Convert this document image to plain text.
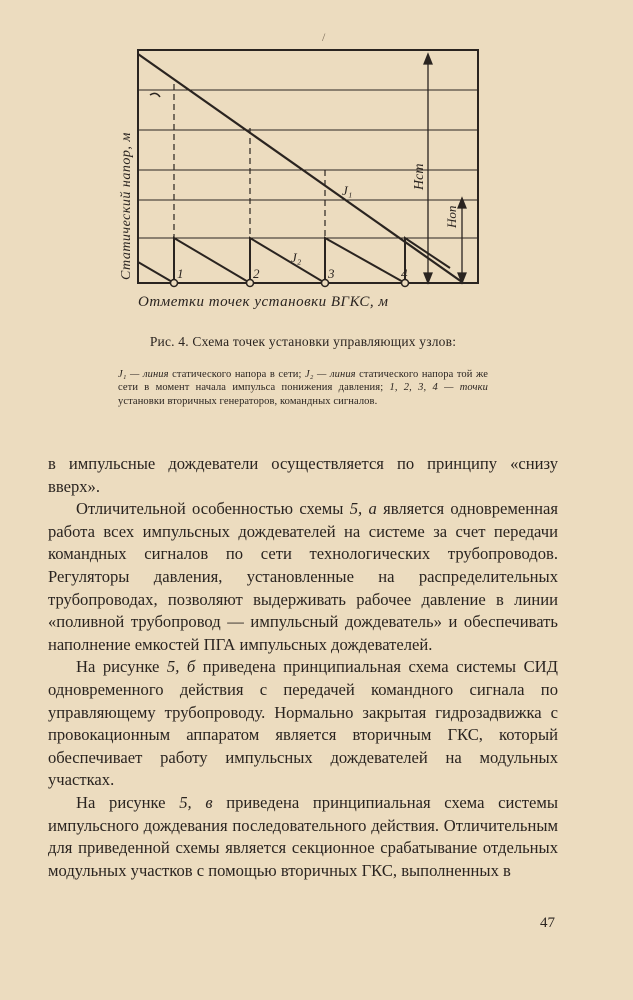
/
1	2	3	4
Hст
Hоп
J₁
J₂
Статический напор, м
Отметки точек установки ВГКС, м
Рис. 4. Схема точек установки управляющих узлов:
J₁ — линия статического напора в сети; J₂ — линия статического напора той же сети в момент начала импульса понижения давления; 1, 2, 3, 4 — точки установки вторичных генераторов, командных сигналов.

в импульсные дождеватели осуществляется по принципу «снизу вверх».

Отличительной особенностью схемы 5, а является одновременная работа всех импульсных дождевателей на системе за счет передачи командных сигналов по сети технологических трубопроводов. Регуляторы давления, установленные на распределительных трубопроводах, позволяют выдерживать рабочее давление в линии «поливной трубопровод — импульсный дождеватель» и обеспечивать наполнение емкостей ПГА импульсных дождевателей.

На рисунке 5, б приведена принципиальная схема системы СИД одновременного действия с передачей командного сигнала по управляющему трубопроводу. Нормально закрытая гидрозадвижка с провокационным аппаратом является вторичным ГКС, который обеспечивает работу импульсных дождевателей на модульных участках.

На рисунке 5, в приведена принципиальная схема системы импульсного дождевания последовательного действия. Отличительным для приведенной схемы является секционное срабатывание отдельных модульных участков с помощью вторичных ГКС, выполненных в

47
